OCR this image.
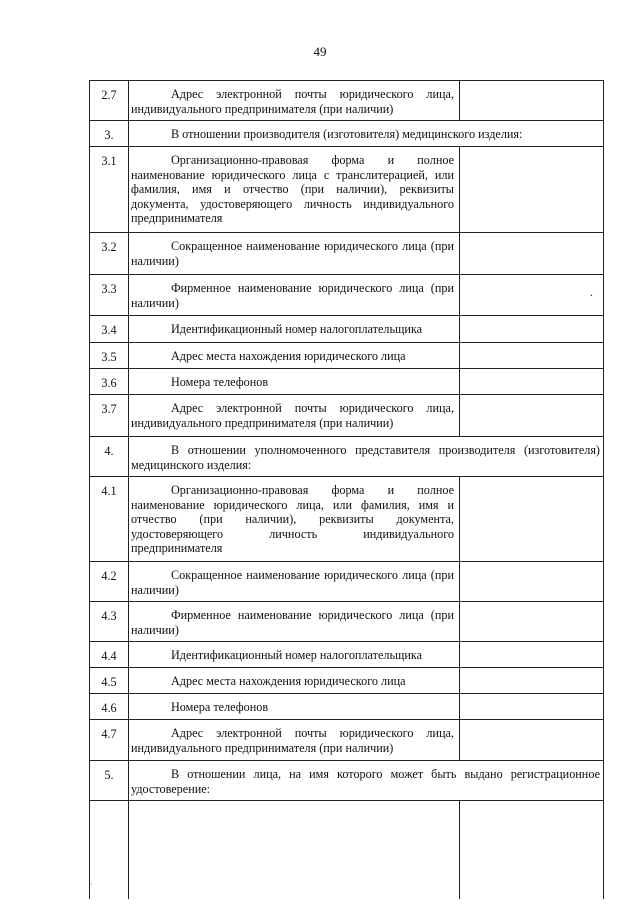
49
2.7	Адрес электронной почты юридического лица, индивидуального предпринимателя (при наличии)	
3.	В отношении производителя (изготовителя) медицинского изделия:	
3.1	Организационно-правовая форма и полное наименование юридического лица с транслитерацией, или фамилия, имя и отчество (при наличии), реквизиты документа, удостоверяющего личность индивидуального предпринимателя	
3.2	Сокращенное наименование юридического лица (при наличии)	
3.3	Фирменное наименование юридического лица (при наличии)	.

3.4	Идентификационный номер налогоплательщика	
3.5	Адрес места нахождения юридического лица	
3.6	Номера телефонов	
3.7	Адрес электронной почты юридического лица, индивидуального предпринимателя (при наличии)	
4.	В отношении уполномоченного представителя производителя (изготовителя) медицинского изделия:	
4.1	Организационно-правовая форма и полное наименование юридического лица, или фамилия, имя и отчество (при наличии), реквизиты документа, удостоверяющего личность индивидуального предпринимателя	
4.2	Сокращенное наименование юридического лица (при наличии)	
4.3	Фирменное наименование юридического лица (при наличии)	
4.4	Идентификационный номер налогоплательщика	
4.5	Адрес места нахождения юридического лица	
4.6	Номера телефонов	
4.7	Адрес электронной почты юридического лица, индивидуального предпринимателя (при наличии)	
5.	В отношении лица, на имя которого может быть выдано регистрационное удостоверение:	

·
